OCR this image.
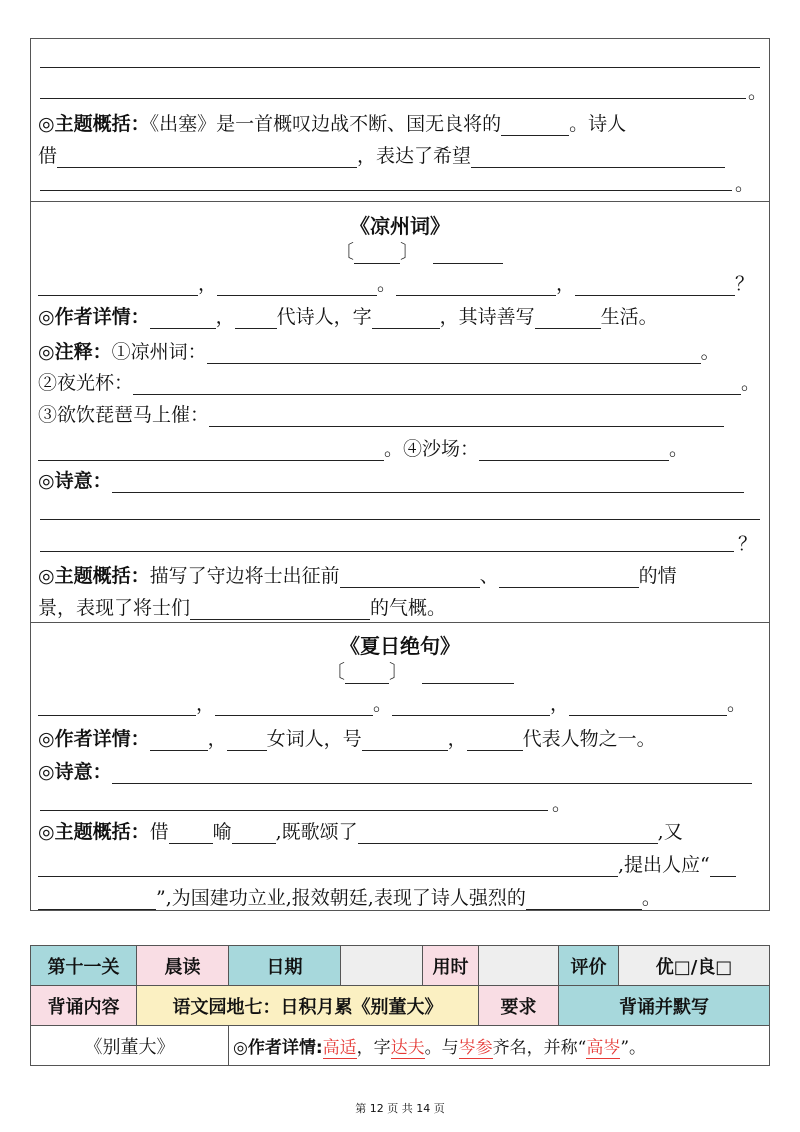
。
◎主题概括：《出塞》是一首概叹边战不断、国无良将的	。诗人
借	，表达了希望
。
《凉州词》
〔 〕
，	。	，	？
◎作者详情：	， 代诗人，字	，其诗善写	生活。
◎注释：①凉州词：	。
②夜光杯：	。
③欲饮琵琶马上催：
。④沙场：	。
◎诗意：
？
◎主题概括：描写了守边将士出征前	、	的情
景，表现了将士们	的气概。
《夏日绝句》
〔 〕
，	。	，	。
◎作者详情：	， 女词人，号	，	代表人物之一。
◎诗意：
。
◎主题概括：借 喻 ,既歌颂了	,又
,提出人应“
”,为国建功立业,报效朝廷,表现了诗人强烈的	。
第十一关	晨读	日期		用时		评价	优□/良□
背诵内容	语文园地七：日积月累《别董大》				要求	背诵并默写	
《别董大》		◎作者详情:高适，字达夫。与岑参齐名，并称“高岑”。					
第 12 页 共 14 页
